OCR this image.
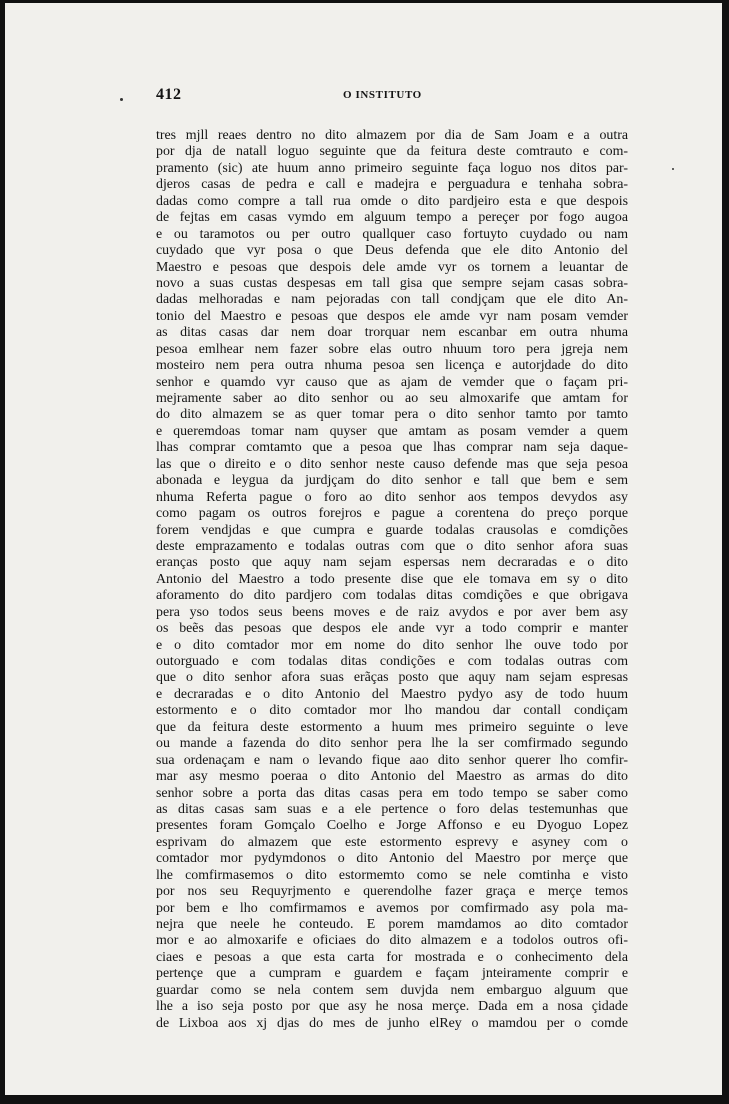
412	O INSTITUTO
tres mjll reaes dentro no dito almazem por dia de Sam Joam e a outra
por dja de natall loguo seguinte que da feitura deste comtrauto e com-
pramento (sic) ate huum anno primeiro seguinte faça loguo nos ditos par-
djeros casas de pedra e call e madejra e perguadura e tenhaha sobra-
dadas como compre a tall rua omde o dito pardjeiro esta e que despois
de fejtas em casas vymdo em alguum tempo a pereçer por fogo augoa
e ou taramotos ou per outro quallquer caso fortuyto cuydado ou nam
cuydado que vyr posa o que Deus defenda que ele dito Antonio del
Maestro e pesoas que despois dele amde vyr os tornem a leuantar de
novo a suas custas despesas em tall gisa que sempre sejam casas sobra-
dadas melhoradas e nam pejoradas con tall condjçam que ele dito An-
tonio del Maestro e pesoas que despos ele amde vyr nam posam vemder
as ditas casas dar nem doar trorquar nem escanbar em outra nhuma
pesoa emlhear nem fazer sobre elas outro nhuum toro pera jgreja nem
mosteiro nem pera outra nhuma pesoa sen licença e autorjdade do dito
senhor e quamdo vyr causo que as ajam de vemder que o façam pri-
mejramente saber ao dito senhor ou ao seu almoxarife que amtam for
do dito almazem se as quer tomar pera o dito senhor tamto por tamto
e queremdoas tomar nam quyser que amtam as posam vemder a quem
lhas comprar comtamto que a pesoa que lhas comprar nam seja daque-
las que o direito e o dito senhor neste causo defende mas que seja pesoa
abonada e leygua da jurdjçam do dito senhor e tall que bem e sem
nhuma Referta pague o foro ao dito senhor aos tempos devydos asy
como pagam os outros forejros e pague a corentena do preço porque
forem vendjdas e que cumpra e guarde todalas crausolas e comdições
deste emprazamento e todalas outras com que o dito senhor afora suas
eranças posto que aquy nam sejam espersas nem decraradas e o dito
Antonio del Maestro a todo presente dise que ele tomava em sy o dito
aforamento do dito pardjero com todalas ditas comdições e que obrigava
pera yso todos seus beens moves e de raiz avydos e por aver bem asy
os beẽs das pesoas que despos ele ande vyr a todo comprir e manter
e o dito comtador mor em nome do dito senhor lhe ouve todo por
outorguado e com todalas ditas condições e com todalas outras com
que o dito senhor afora suas erãças posto que aquy nam sejam espresas
e decraradas e o dito Antonio del Maestro pydyo asy de todo huum
estormento e o dito comtador mor lho mandou dar contall condiçam
que da feitura deste estormento a huum mes primeiro seguinte o leve
ou mande a fazenda do dito senhor pera lhe la ser comfirmado segundo
sua ordenaçam e nam o levando fique aao dito senhor querer lho comfir-
mar asy mesmo poerаa o dito Antonio del Maestro as armas do dito
senhor sobre a porta das ditas casas pera em todo tempo se saber como
as ditas casas sam suas e a ele pertence o foro delas testemunhas que
presentes foram Gomçalo Coelho e Jorge Affonso e eu Dyoguo Lopez
esprivam do almazem que este estormento esprevy e asyney com o
comtador mor pydymdonos o dito Antonio del Maestro por merçe que
lhe comfirmasemos o dito estormemto como se nele comtinha e visto
por nos seu Requyrjmento e querendolhe fazer graça e merçe temos
por bem e lho comfirmamos e avemos por comfirmado asy pola ma-
nejra que neele he conteudo. E porem mamdamos ao dito comtador
mor e ao almoxarife e oficiaes do dito almazem e a todolos outros ofi-
ciaes e pesoas a que esta carta for mostrada e o conhecimento dela
pertençe que a cumpram e guardem e façam jnteiramente comprir e
guardar como se nela contem sem duvjda nem embarguo alguum que
lhe a iso seja posto por que asy he nosa merçe. Dada em a nosa çidade
de Lixboa aos xj djas do mes de junho elRey o mamdou per o comde
